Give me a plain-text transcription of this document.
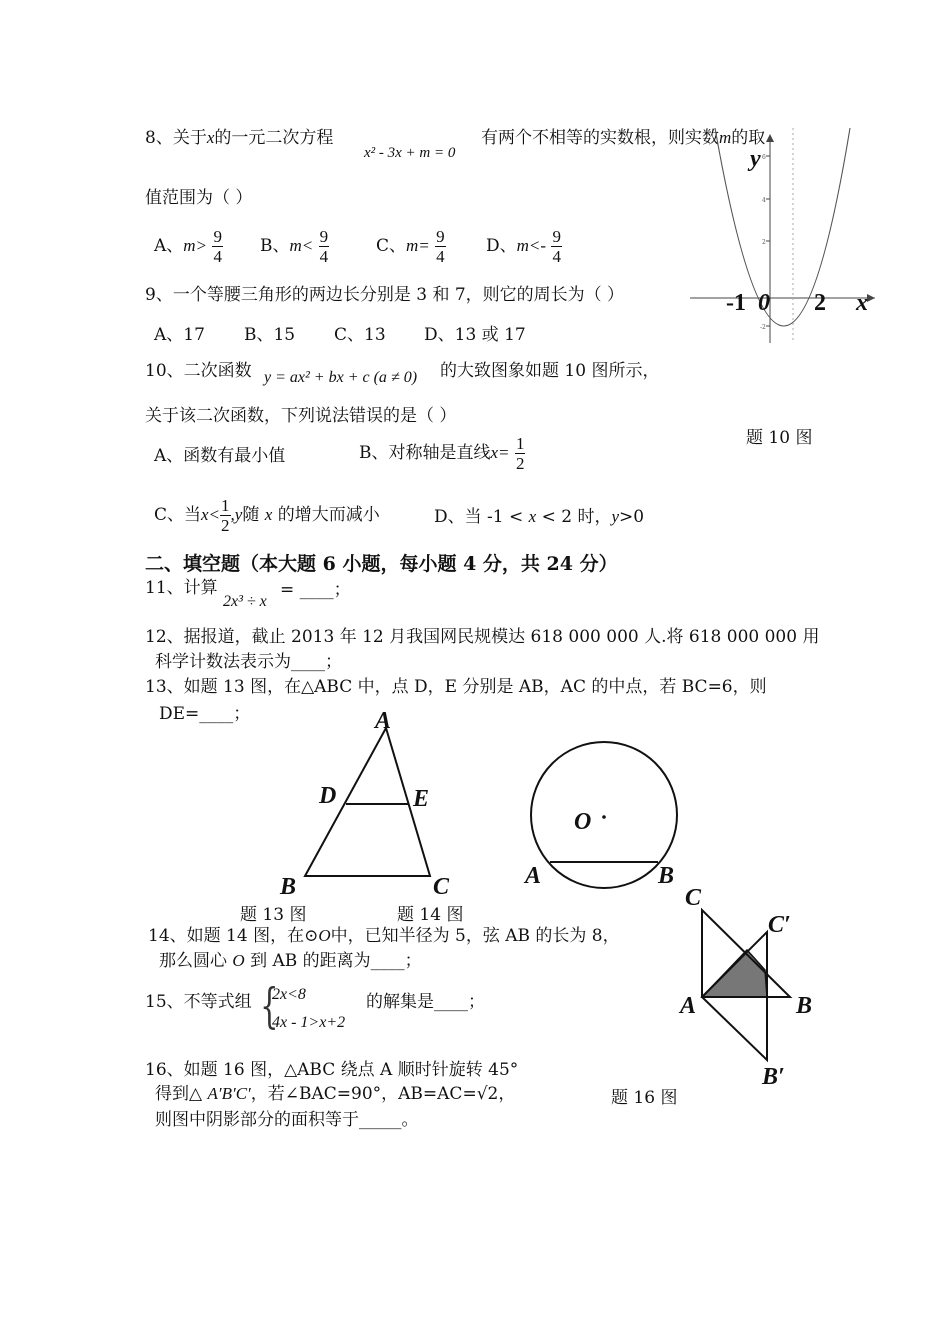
8、关于x的一元二次方程
x² - 3x + m = 0
有两个不相等的实数根，则实数m的取
值范围为（ ）
A、$m> \frac{9}{4}$ B、$m< \frac{9}{4}$	C、$m= \frac{9}{4}$ D、$m<- \frac{9}{4}$
9、一个等腰三角形的两边长分别是 3 和 7，则它的周长为（ ）
A、17 B、15 C、13 D、13 或 17
6
4
2
-2
y
x
-1 0 2
10、二次函数 y = ax² + bx + c (a ≠ 0) 的大致图象如题 10 图所示，
关于该二次函数，下列说法错误的是（ ）
题 10 图
A、函数有最小值	B、对称轴是直线$x= \frac{1}{2}$
C、当$x< \frac{1}{2} ,y$随 x 的增大而减小	D、当 -1 < x < 2 时，y>0
二、填空题（本大题 6 小题，每小题 4 分，共 24 分）
11、计算
2x³ ÷ x
= ____；
12、据报道，截止 2013 年 12 月我国网民规模达 618 000 000 人.将 618 000 000 用
科学计数法表示为____；
13、如题 13 图，在△ABC 中，点 D，E 分别是 AB，AC 的中点，若 BC=6，则
DE=____；	A
D	E
B	C
题 13 图
O
A	B
题 14 图
14、如题 14 图，在⊙O中，已知半径为 5，弦 AB 的长为 8，
那么圆心 O 到 AB 的距离为____；
C
C′
A	B
B′
15、不等式组 {
2x<8
4x - 1>x+2
的解集是____；
16、如题 16 图，△ABC 绕点 A 顺时针旋转 45°
得到△ A′B′C′，若∠BAC=90°，AB=AC=√2，	题 16 图
则图中阴影部分的面积等于_____。
